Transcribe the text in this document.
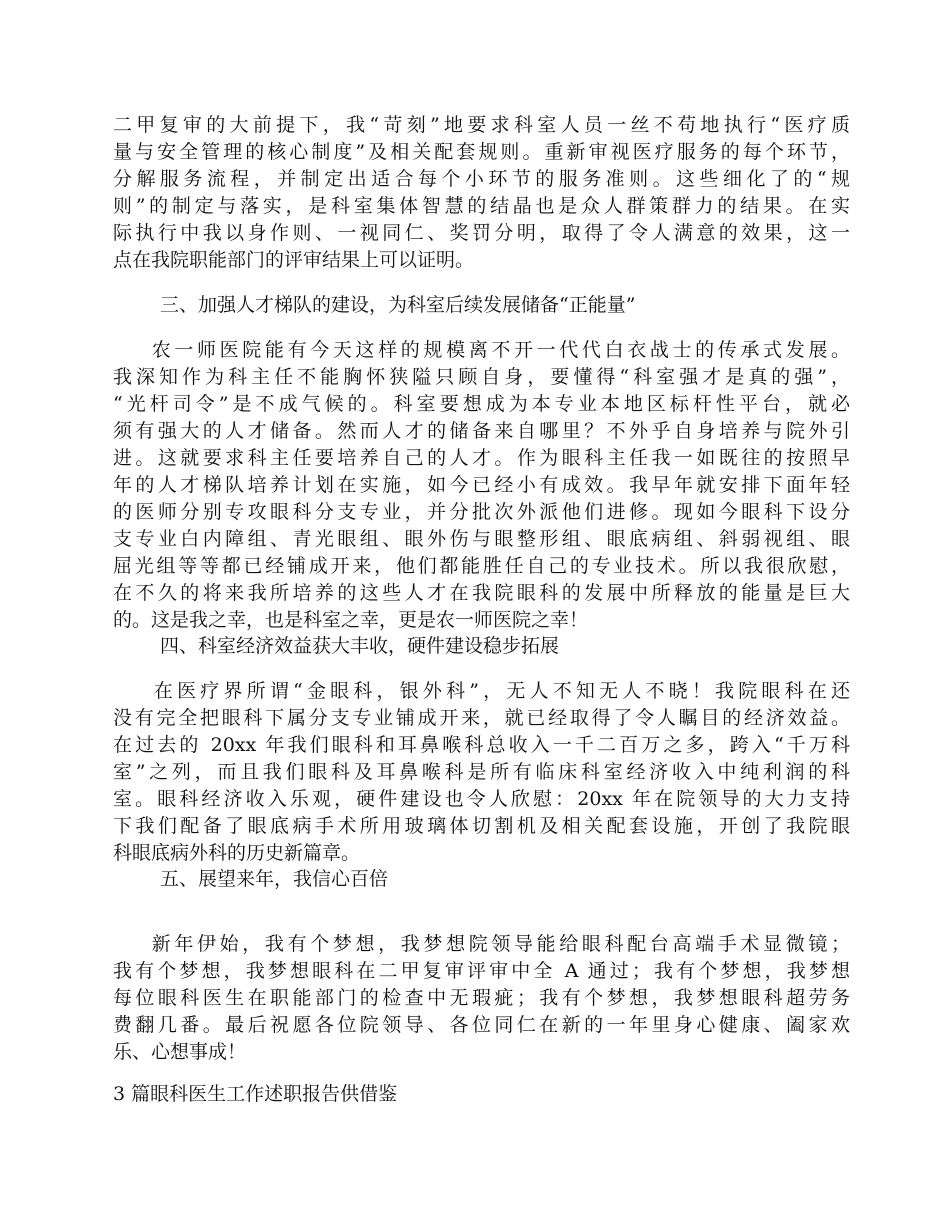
二甲复审的大前提下，我“苛刻”地要求科室人员一丝不苟地执行“医疗质
量与安全管理的核心制度”及相关配套规则。重新审视医疗服务的每个环节，
分解服务流程，并制定出适合每个小环节的服务准则。这些细化了的“规
则”的制定与落实，是科室集体智慧的结晶也是众人群策群力的结果。在实
际执行中我以身作则、一视同仁、奖罚分明，取得了令人满意的效果，这一
点在我院职能部门的评审结果上可以证明。
三、加强人才梯队的建设，为科室后续发展储备“正能量”
农一师医院能有今天这样的规模离不开一代代白衣战士的传承式发展。
我深知作为科主任不能胸怀狭隘只顾自身，要懂得“科室强才是真的强”，
“光杆司令”是不成气候的。科室要想成为本专业本地区标杆性平台，就必
须有强大的人才储备。然而人才的储备来自哪里？不外乎自身培养与院外引
进。这就要求科主任要培养自己的人才。作为眼科主任我一如既往的按照早
年的人才梯队培养计划在实施，如今已经小有成效。我早年就安排下面年轻
的医师分别专攻眼科分支专业，并分批次外派他们进修。现如今眼科下设分
支专业白内障组、青光眼组、眼外伤与眼整形组、眼底病组、斜弱视组、眼
屈光组等等都已经铺成开来，他们都能胜任自己的专业技术。所以我很欣慰，
在不久的将来我所培养的这些人才在我院眼科的发展中所释放的能量是巨大
的。这是我之幸，也是科室之幸，更是农一师医院之幸！
四、科室经济效益获大丰收，硬件建设稳步拓展
在医疗界所谓“金眼科，银外科”，无人不知无人不晓！我院眼科在还
没有完全把眼科下属分支专业铺成开来，就已经取得了令人瞩目的经济效益。
在过去的 20xx 年我们眼科和耳鼻喉科总收入一千二百万之多，跨入“千万科
室”之列，而且我们眼科及耳鼻喉科是所有临床科室经济收入中纯利润的科
室。眼科经济收入乐观，硬件建设也令人欣慰：20xx 年在院领导的大力支持
下我们配备了眼底病手术所用玻璃体切割机及相关配套设施，开创了我院眼
科眼底病外科的历史新篇章。
五、展望来年，我信心百倍
新年伊始，我有个梦想，我梦想院领导能给眼科配台高端手术显微镜；
我有个梦想，我梦想眼科在二甲复审评审中全 A 通过；我有个梦想，我梦想
每位眼科医生在职能部门的检查中无瑕疵；我有个梦想，我梦想眼科超劳务
费翻几番。最后祝愿各位院领导、各位同仁在新的一年里身心健康、阖家欢
乐、心想事成！
3 篇眼科医生工作述职报告供借鉴
